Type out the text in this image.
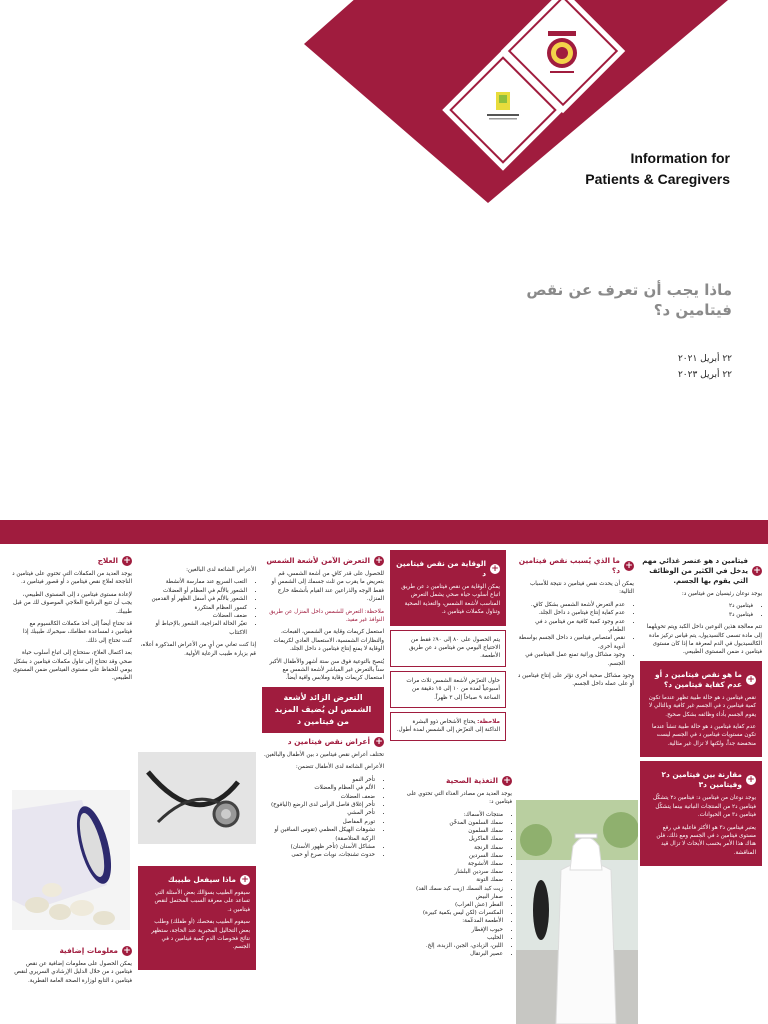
Information for
Patients & Caregivers
ماذا يجب أن تعرف عن نقص فيتامين د؟
٢٢ أبريل ٢٠٢١
٢٢ أبريل ٢٠٢٣
+
فيتامين د هو عنصر غذائي مهم يدخل في الكثير من الوظائف التي يقوم بها الجسم.

يوجد نوعان رئيسيان من فيتامين د:

• فيتامين د٢
• فيتامين د٣

تتم معالجة هذين النوعين داخل الكبد ويتم تحويلهما إلى مادة تسمى كالسيديول، يتم قياس تركيز مادة الكالسيديول في الدم لمعرفة ما إذا كان مستوى فيتامين د ضمن المستوى الطبيعي.

+
ما هو نقص فيتامين د أو عدم كفاية فيتامين د؟

نقص فيتامين د هو حالة طبية تظهر عندما تكون كمية فيتامين د في الجسم غير كافية وبالتالي لا يقوم الجسم بأداء وظائفه بشكل صحيح.

عدم كفاية فيتامين د هو حالة طبية تنشأ عندما تكون مستويات فيتامين د في الجسم ليست منخفضة جداً، ولكنها لا تزال غير مثالية.

+
مقارنة بين فيتامين د٢ وفيتامين د٣

يوجد نوعان من فيتامين د: فيتامين د٢ يتشكّل فيتامين د٢ من المنتجات النباتية بينما يتشكّل فيتامين د٣ من الحيوانات.

يعتبر فيتامين د٣ هو الأكثر فاعلية في رفع مستوى فيتامين د في الجسم ومع ذلك، فلن هناك هذا الأمر بحسب الأبحاث لا تزال قيد المناقشة.

+
ما الذي يُسبب نقص فيتامين د؟

يمكن أن يحدث نقص فيتامين د نتيجة للأسباب التالية:

• عدم التعرض لأشعة الشمس بشكل كافٍ.
• عدم كفاية إنتاج فيتامين د داخل الجلد.
• عدم وجود كمية كافية من فيتامين د في الطعام.
• نقص امتصاص فيتامين د داخل الجسم بواسطة أدوية أخرى.
• وجود مشاكل وراثية تمنع عمل الفيتامين في الجسم.

وجود مشاكل صحية أخرى تؤثر على إنتاج فيتامين د أو على عمله داخل الجسم.

+
التغذية الصحية

يوجد العديد من مصادر الغذاء التي تحتوي على فيتامين د:

• منتجات الأسماك:
• سمك السلمون المدخّن
• سمك السلمون
• سمك الماكريل
• سمك الرنجة
• سمك السردين
• سمك الأنشوجة
• سمك سردين البلشار
• سمك التونة
• زيت كبد السمك (زيت كبد سمك القد)
• صفار البيض
• الفطر (عش الغراب)
• المكسرات (لكن ليس بكمية كبيرة)
• الأطعمة المدعّمة:
• حبوب الإفطار
• الحليب
• اللبن، الزبادي، الجبن، الزبدة، إلخ.
• عصير البرتقال
+
الوقاية من نقص فيتامين د

يمكن الوقاية من نقص فيتامين د عن طريق اتباع أسلوب حياة صحي يشمل التعرض المناسب لأشعة الشمس، والتغذية الصحية وتناول مكملات فيتامين د.

يتم الحصول على ٨٠ إلى ٩٠٪ فقط من الاحتياج اليومي من فيتامين د عن طريق الأطعمة.
حاول التعرّض لأشعة الشمس ثلاث مرات أسبوعياً لمدة من ١٠ إلى ١٥ دقيقة من الساعة ٩ صباحاً إلى ٣ ظهراً.
ملاحظة: يحتاج الأشخاص ذوو البشرة الداكنة إلى التعرّض إلى الشمس لمدة أطول.
+
التعرض الآمن لأشعة الشمس

للحصول على قدر كافٍ من أشعة الشمس، قم بتعريض ما يقرب من ثلث جسمك إلى الشمس أو فقط الوجه والذراعين عند القيام بأنشطة خارج المنزل.

ملاحظة: التعرض للشمس داخل المنزل عن طريق النوافذ غير مفيد.

استعمل كريمات وقاية من الشمس، القبعات، والنظارات الشمسية، الاستعمال العادي لكريمات الوقاية لا يمنع إنتاج فيتامين د داخل الجلد.

يُنصح بالتوعية فوق سن ستة أشهر والأطفال الأكبر سناً بالتعرض غير المباشر لأشعة الشمس مع استعمال كريمات وقاية وملابس واقية أيضاً.

التعرض الزائد لأشعة الشمس لن يُضيف المزيد من فيتامين د
+
أعراض نقص فيتامين د

تختلف أعراض نقص فيتامين د بين الأطفال والبالغين.

الأعراض الشائعة لدى الأطفال تتضمن:

• تأخر النمو
• الألم في العظام والعضلات
• ضعف العضلات
• تأخر إغلاق فاصل الرأس لدى الرضع (اليافوخ)
• تأخر المشي
• تورم المفاصل
• تشوهات الهيكل العظمي (تقوس الساقين أو الركبة المتلاصقة)
• مشاكل الأسنان (تأخر ظهور الأسنان)
• حدوث تشنجات، نوبات صرع أو حمى

الأعراض الشائعة لدى البالغين:

• التعب السريع عند ممارسة الأنشطة
• الشعور بالألم في العظام أو العضلات
• الشعور بالألم في أسفل الظهر أو القدمين
• كسور العظام المتكررة
• ضعف العضلات
• تغيّر الحالة المزاجية، الشعور بالإحباط أو الاكتئاب

إذا كنت تعاني من أيٍ من الأعراض المذكورة أعلاه، قم بزيارة طبيب الرعاية الأولية.

+
ماذا سيفعل طبيبك

سيقوم الطبيب بسؤالك بعض الأسئلة التي تساعد على معرفة السبب المحتمل لنقص فيتامين د.

سيقوم الطبيب بفحصك (أو طفلك) وطلب بعض التحاليل المخبرية عند الحاجة، ستظهر نتائج فحوصات الدم كمية فيتامين د في الجسم.

+
العلاج

يوجد العديد من المكملات التي تحتوي على فيتامين د الناجحة لعلاج نقص فيتامين د أو قصور فيتامين د.

لإعادة مستوى فيتامين د إلى المستوى الطبيعي، يجب أن تتبع البرنامج العلاجي الموصوف لك من قبل طبيبك.

قد تحتاج أيضاً إلى أخذ مكملات الكالسيوم مع فيتامين د لمساعدة عظامك، سيخبرك طبيبك إذا كنت تحتاج إلى ذلك.

بعد اكتمال العلاج، ستحتاج إلى اتباع أسلوب حياة صحي وقد تحتاج إلى تناول مكملات فيتامين د بشكل يومي للحفاظ على مستوى الفيتامين ضمن المستوى الطبيعي.

+
معلومات إضافية

يمكن الحصول على معلومات إضافية عن نقص فيتامين د من خلال الدليل الإرشادي السريري لنقص فيتامين د التابع لوزارة الصحة العامة القطرية.
